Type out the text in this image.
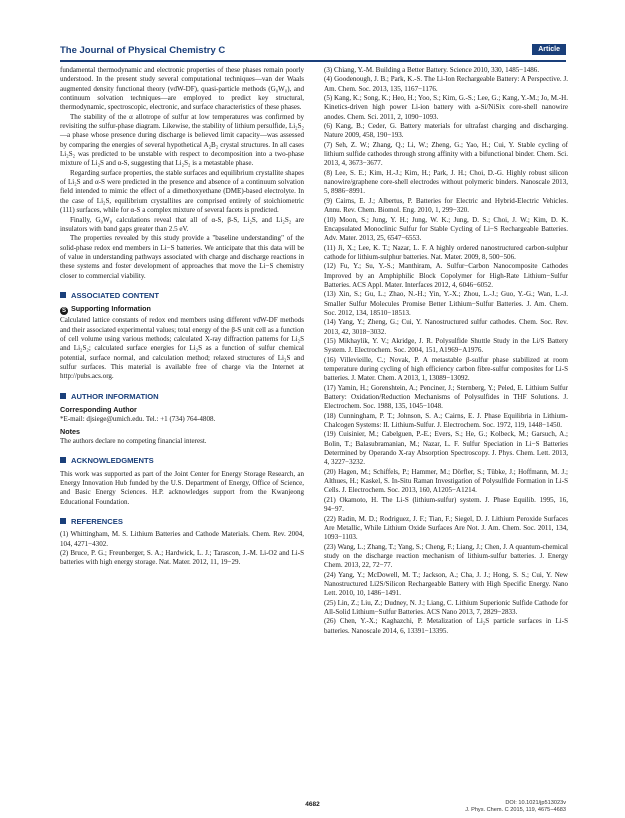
The Journal of Physical Chemistry C	Article

fundamental thermodynamic and electronic properties of these phases remain poorly understood. In the present study several computational techniques—van der Waals augmented density functional theory (vdW-DF), quasi-particle methods (G₀W₀), and continuum solvation techniques—are employed to predict key structural, thermodynamic, spectroscopic, electronic, and surface characteristics of these phases.

The stability of the α allotrope of sulfur at low temperatures was confirmed by revisiting the sulfur-phase diagram. Likewise, the stability of lithium persulfide, Li₂S₂—a phase whose presence during discharge is believed limit capacity—was assessed by comparing the energies of several hypothetical A₂B₂ crystal structures. In all cases Li₂S₂ was predicted to be unstable with respect to decomposition into a two-phase mixture of Li₂S and α-S, suggesting that Li₂S₂ is a metastable phase.

Regarding surface properties, the stable surfaces and equilibrium crystallite shapes of Li₂S and α-S were predicted in the presence and absence of a continuum solvation field intended to mimic the effect of a dimethoxyethane (DME)-based electrolyte. In the case of Li₂S, equilibrium crystallites are comprised entirely of stoichiometric (111) surfaces, while for α-S a complex mixture of several facets is predicted.

Finally, G₀W₀ calculations reveal that all of α-S, β-S, Li₂S, and Li₂S₂ are insulators with band gaps greater than 2.5 eV.

The properties revealed by this study provide a "baseline understanding" of the solid-phase redox end members in Li−S batteries. We anticipate that this data will be of value in understanding pathways associated with charge and discharge reactions in these systems and foster development of approaches that move the Li−S chemistry closer to commercial viability.

ASSOCIATED CONTENT
S Supporting Information

Calculated lattice constants of redox end members using different vdW-DF methods and their associated experimental values; total energy of the β-S unit cell as a function of cell volume using various methods; calculated X-ray diffraction patterns for Li₂S and Li₂S₂; calculated surface energies for Li₂S as a function of sulfur chemical potential, surface normal, and calculation method; relaxed structures of Li₂S and sulfur surfaces. This material is available free of charge via the Internet at http://pubs.acs.org.

AUTHOR INFORMATION
Corresponding Author

*E-mail: djsiege@umich.edu. Tel.: +1 (734) 764-4808.

Notes

The authors declare no competing financial interest.

ACKNOWLEDGMENTS

This work was supported as part of the Joint Center for Energy Storage Research, an Energy Innovation Hub funded by the U.S. Department of Energy, Office of Science, and Basic Energy Sciences. H.P. acknowledges support from the Kwanjeong Educational Foundation.

REFERENCES

(1) Whittingham, M. S. Lithium Batteries and Cathode Materials. Chem. Rev. 2004, 104, 4271−4302.

(2) Bruce, P. G.; Freunberger, S. A.; Hardwick, L. J.; Tarascon, J.-M. Li-O2 and Li-S batteries with high energy storage. Nat. Mater. 2012, 11, 19−29.

(3) Chiang, Y.-M. Building a Better Battery. Science 2010, 330, 1485−1486.

(4) Goodenough, J. B.; Park, K.-S. The Li-Ion Rechargeable Battery: A Perspective. J. Am. Chem. Soc. 2013, 135, 1167−1176.

(5) Kang, K.; Song, K.; Heo, H.; Yoo, S.; Kim, G.-S.; Lee, G.; Kang, Y.-M.; Jo, M.-H. Kinetics-driven high power Li-ion battery with a-Si/NiSix core-shell nanowire anodes. Chem. Sci. 2011, 2, 1090−1093.

(6) Kang, B.; Ceder, G. Battery materials for ultrafast charging and discharging. Nature 2009, 458, 190−193.

(7) Seh, Z. W.; Zhang, Q.; Li, W.; Zheng, G.; Yao, H.; Cui, Y. Stable cycling of lithium sulfide cathodes through strong affinity with a bifunctional binder. Chem. Sci. 2013, 4, 3673−3677.

(8) Lee, S. E.; Kim, H.-J.; Kim, H.; Park, J. H.; Choi, D.-G. Highly robust silicon nanowire/graphene core-shell electrodes without polymeric binders. Nanoscale 2013, 5, 8986−8991.

(9) Cairns, E. J.; Albertus, P. Batteries for Electric and Hybrid-Electric Vehicles. Annu. Rev. Chem. Biomol. Eng. 2010, 1, 299−320.

(10) Moon, S.; Jung, Y. H.; Jung, W. K.; Jung, D. S.; Choi, J. W.; Kim, D. K. Encapsulated Monoclinic Sulfur for Stable Cycling of Li−S Rechargeable Batteries. Adv. Mater. 2013, 25, 6547−6553.

(11) Ji, X.; Lee, K. T.; Nazar, L. F. A highly ordered nanostructured carbon-sulphur cathode for lithium-sulphur batteries. Nat. Mater. 2009, 8, 500−506.

(12) Fu, Y.; Su, Y.-S.; Manthiram, A. Sulfur−Carbon Nanocomposite Cathodes Improved by an Amphiphilic Block Copolymer for High-Rate Lithium−Sulfur Batteries. ACS Appl. Mater. Interfaces 2012, 4, 6046−6052.

(13) Xin, S.; Gu, L.; Zhao, N.-H.; Yin, Y.-X.; Zhou, L.-J.; Guo, Y.-G.; Wan, L.-J. Smaller Sulfur Molecules Promise Better Lithium−Sulfur Batteries. J. Am. Chem. Soc. 2012, 134, 18510−18513.

(14) Yang, Y.; Zheng, G.; Cui, Y. Nanostructured sulfur cathodes. Chem. Soc. Rev. 2013, 42, 3018−3032.

(15) Mikhaylik, Y. V.; Akridge, J. R. Polysulfide Shuttle Study in the Li/S Battery System. J. Electrochem. Soc. 2004, 151, A1969−A1976.

(16) Villevieille, C.; Novak, P. A metastable β-sulfur phase stabilized at room temperature during cycling of high efficiency carbon fibre-sulfur composites for Li-S batteries. J. Mater. Chem. A 2013, 1, 13089−13092.

(17) Yamin, H.; Gorenshtein, A.; Penciner, J.; Sternberg, Y.; Peled, E. Lithium Sulfur Battery: Oxidation/Reduction Mechanisms of Polysulfides in THF Solutions. J. Electrochem. Soc. 1988, 135, 1045−1048.

(18) Cunningham, P. T.; Johnson, S. A.; Cairns, E. J. Phase Equilibria in Lithium-Chalcogen Systems: II. Lithium-Sulfur. J. Electrochem. Soc. 1972, 119, 1448−1450.

(19) Cuisinier, M.; Cabelguen, P.-E.; Evers, S.; He, G.; Kolbeck, M.; Garsuch, A.; Bolin, T.; Balasubramanian, M.; Nazar, L. F. Sulfur Speciation in Li−S Batteries Determined by Operando X-ray Absorption Spectroscopy. J. Phys. Chem. Lett. 2013, 4, 3227−3232.

(20) Hagen, M.; Schiffels, P.; Hammer, M.; Dörfler, S.; Tübke, J.; Hoffmann, M. J.; Althues, H.; Kaskel, S. In-Situ Raman Investigation of Polysulfide Formation in Li-S Cells. J. Electrochem. Soc. 2013, 160, A1205−A1214.

(21) Okamoto, H. The Li-S (lithium-sulfur) system. J. Phase Equilib. 1995, 16, 94−97.

(22) Radin, M. D.; Rodriguez, J. F.; Tian, F.; Siegel, D. J. Lithium Peroxide Surfaces Are Metallic, While Lithium Oxide Surfaces Are Not. J. Am. Chem. Soc. 2011, 134, 1093−1103.

(23) Wang, L.; Zhang, T.; Yang, S.; Cheng, F.; Liang, J.; Chen, J. A quantum-chemical study on the discharge reaction mechanism of lithium-sulfur batteries. J. Energy Chem. 2013, 22, 72−77.

(24) Yang, Y.; McDowell, M. T.; Jackson, A.; Cha, J. J.; Hong, S. S.; Cui, Y. New Nanostructured Li2S/Silicon Rechargeable Battery with High Specific Energy. Nano Lett. 2010, 10, 1486−1491.

(25) Lin, Z.; Liu, Z.; Dudney, N. J.; Liang, C. Lithium Superionic Sulfide Cathode for All-Solid Lithium−Sulfur Batteries. ACS Nano 2013, 7, 2829−2833.

(26) Chen, Y.-X.; Kaghazchi, P. Metalization of Li₂S particle surfaces in Li-S batteries. Nanoscale 2014, 6, 13391−13395.

4682	DOI: 10.1021/jp513023v
J. Phys. Chem. C 2015, 119, 4675−4683
